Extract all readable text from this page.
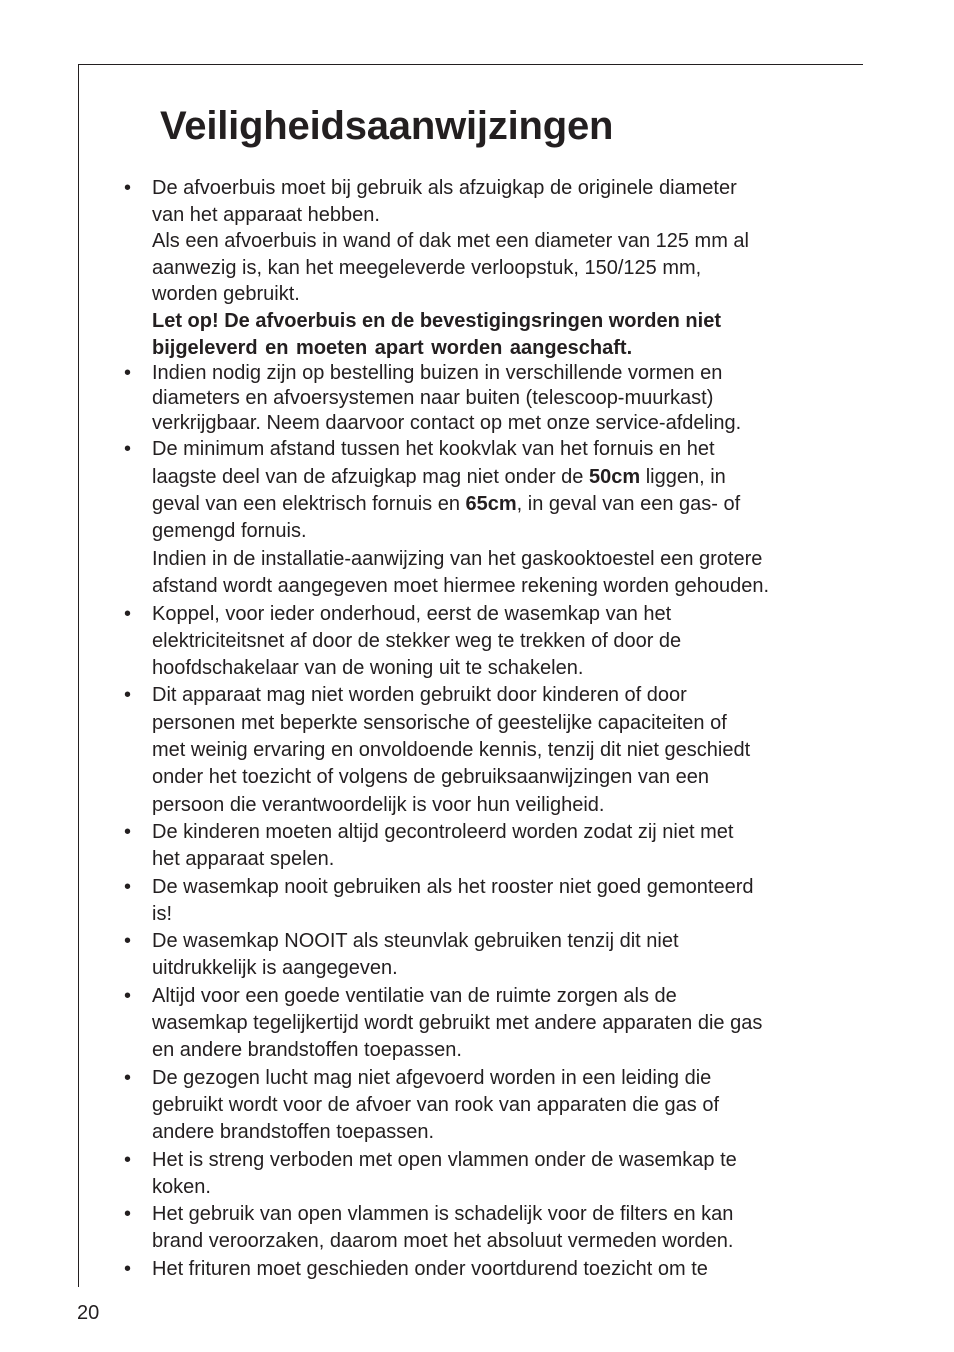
Veiligheidsaanwijzingen
• De afvoerbuis moet bij gebruik als afzuigkap de originele diameter
van het apparaat hebben.
Als een afvoerbuis in wand of dak met een diameter van 125 mm al
aanwezig is, kan het meegeleverde verloopstuk, 150/125 mm,
worden gebruikt.
Let op! De afvoerbuis en de bevestigingsringen worden niet
bijgeleverd en moeten apart worden aangeschaft.
• Indien nodig zijn op bestelling buizen in verschillende vormen en
diameters en afvoersystemen naar buiten (telescoop-muurkast)
verkrijgbaar. Neem daarvoor contact op met onze service-afdeling.
• De minimum afstand tussen het kookvlak van het fornuis en het
laagste deel van de afzuigkap mag niet onder de 50cm liggen, in
geval van een elektrisch fornuis en 65cm, in geval van een gas- of
gemengd fornuis.
Indien in de installatie-aanwijzing van het gaskooktoestel een grotere
afstand wordt aangegeven moet hiermee rekening worden gehouden.
• Koppel, voor ieder onderhoud, eerst de wasemkap van het
elektriciteitsnet af door de stekker weg te trekken of door de
hoofdschakelaar van de woning uit te schakelen.
• Dit apparaat mag niet worden gebruikt door kinderen of door
personen met beperkte sensorische of geestelijke capaciteiten of
met weinig ervaring en onvoldoende kennis, tenzij dit niet geschiedt
onder het toezicht of volgens de gebruiksaanwijzingen van een
persoon die verantwoordelijk is voor hun veiligheid.
• De kinderen moeten altijd gecontroleerd worden zodat zij niet met
het apparaat spelen.
• De wasemkap nooit gebruiken als het rooster niet goed gemonteerd
is!
• De wasemkap NOOIT als steunvlak gebruiken tenzij dit niet
uitdrukkelijk is aangegeven.
• Altijd voor een goede ventilatie van de ruimte zorgen als de
wasemkap tegelijkertijd wordt gebruikt met andere apparaten die gas
en andere brandstoffen toepassen.
• De gezogen lucht mag niet afgevoerd worden in een leiding die
gebruikt wordt voor de afvoer van rook van apparaten die gas of
andere brandstoffen toepassen.
• Het is streng verboden met open vlammen onder de wasemkap te
koken.
• Het gebruik van open vlammen is schadelijk voor de filters en kan
brand veroorzaken, daarom moet het absoluut vermeden worden.
• Het frituren moet geschieden onder voortdurend toezicht om te
20
